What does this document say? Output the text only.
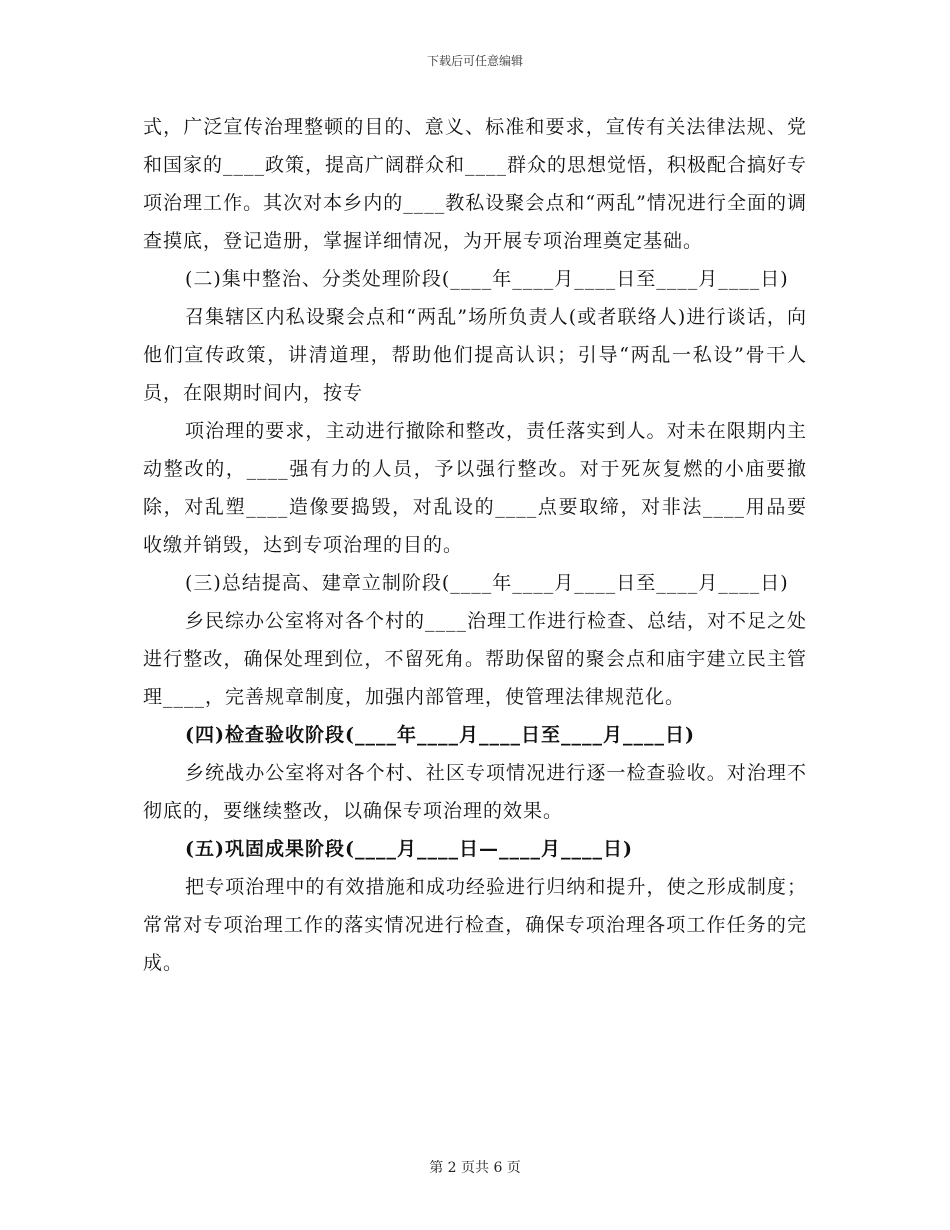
下载后可任意编辑

式，广泛宣传治理整顿的目的、意义、标准和要求，宣传有关法律法规、党和国家的____政策，提高广阔群众和____群众的思想觉悟，积极配合搞好专项治理工作。其次对本乡内的____教私设聚会点和“两乱”情况进行全面的调查摸底，登记造册，掌握详细情况，为开展专项治理奠定基础。

(二)集中整治、分类处理阶段(____年____月____日至____月____日)

召集辖区内私设聚会点和“两乱”场所负责人(或者联络人)进行谈话，向他们宣传政策，讲清道理，帮助他们提高认识；引导“两乱一私设”骨干人员，在限期时间内，按专

项治理的要求，主动进行撤除和整改，责任落实到人。对未在限期内主动整改的，____强有力的人员，予以强行整改。对于死灰复燃的小庙要撤除，对乱塑____造像要捣毁，对乱设的____点要取缔，对非法____用品要收缴并销毁，达到专项治理的目的。

(三)总结提高、建章立制阶段(____年____月____日至____月____日)

乡民综办公室将对各个村的____治理工作进行检查、总结，对不足之处进行整改，确保处理到位，不留死角。帮助保留的聚会点和庙宇建立民主管理____，完善规章制度，加强内部管理，使管理法律规范化。

(四)检查验收阶段(____年____月____日至____月____日)

乡统战办公室将对各个村、社区专项情况进行逐一检查验收。对治理不彻底的，要继续整改，以确保专项治理的效果。

(五)巩固成果阶段(____月____日—____月____日)

把专项治理中的有效措施和成功经验进行归纳和提升，使之形成制度；常常对专项治理工作的落实情况进行检查，确保专项治理各项工作任务的完成。

第 2 页共 6 页
